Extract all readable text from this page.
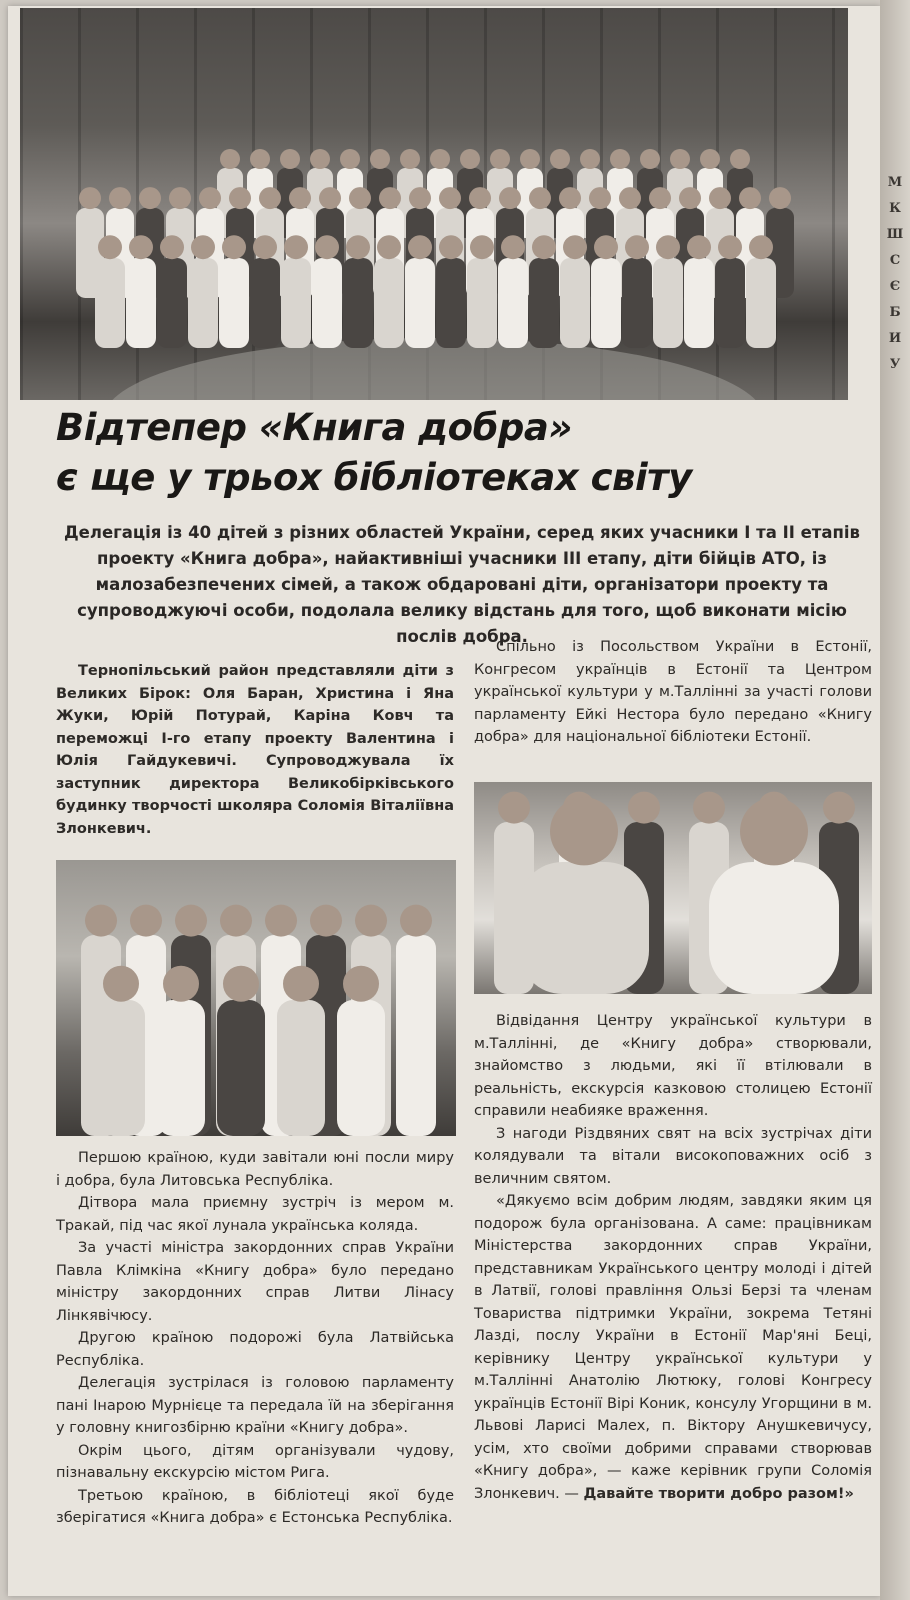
М
К
Ш
С
Є
Б
И
У
Відтепер «Книга добра»
є ще у трьох бібліотеках світу

Делегація із 40 дітей з різних областей України, серед яких учасники І та ІІ етапів проекту «Книга добра», найактивніші учасники ІІІ етапу, діти бійців АТО, із малозабезпечених сімей, а також обдаровані діти, організатори проекту та супроводжуючі особи, подолала велику відстань для того, щоб виконати місію послів добра.

Тернопільський район представляли діти з Великих Бірок: Оля Баран, Христина і Яна Жуки, Юрій Потурай, Каріна Ковч та переможці І-го етапу проекту Валентина і Юлія Гайдукевичі. Супроводжувала їх заступник директора Великобірківського будинку творчості школяра Соломія Віталіївна Злонкевич.

Першою країною, куди завітали юні посли миру і добра, була Литовська Республіка.

Дітвора мала приємну зустріч із мером м. Тракай, під час якої лунала українська коляда.

За участі міністра закордонних справ України Павла Клімкіна «Книгу добра» було передано міністру закордонних справ Литви Лінасу Лінкявічюсу.

Другою країною подорожі була Латвійська Республіка.

Делегація зустрілася із головою парламенту пані Інарою Мурнієце та передала їй на зберігання у головну книгозбірню країни «Книгу добра».

Окрім цього, дітям організували чудову, пізнавальну екскурсію містом Рига.

Третьою країною, в бібліотеці якої буде зберігатися «Книга добра» є Естонська Республіка.

Спільно із Посольством України в Естонії, Конгресом українців в Естонії та Центром української культури у м.Таллінні за участі голови парламенту Ейкі Нестора було передано «Книгу добра» для національної бібліотеки Естонії.

Відвідання Центру української культури в м.Таллінні, де «Книгу добра» створювали, знайомство з людьми, які її втілювали в реальність, екскурсія казковою столицею Естонії справили неабияке враження.

З нагоди Різдвяних свят на всіх зустрічах діти колядували та вітали високоповажних осіб з величним святом.

«Дякуємо всім добрим людям, завдяки яким ця подорож була організована. А саме: працівникам Міністерства закордонних справ України, представникам Українського центру молоді і дітей в Латвії, голові правління Ользі Берзі та членам Товариства підтримки України, зокрема Тетяні Лазді, послу України в Естонії Мар'яні Беці, керівнику Центру української культури у м.Таллінні Анатолію Лютюку, голові Конгресу українців Естонії Вірі Коник, консулу Угорщини в м. Львові Ларисі Малех, п. Віктору Анушкевичусу, усім, хто своїми добрими справами створював «Книгу добра», — каже керівник групи Соломія Злонкевич. — Давайте творити добро разом!»
